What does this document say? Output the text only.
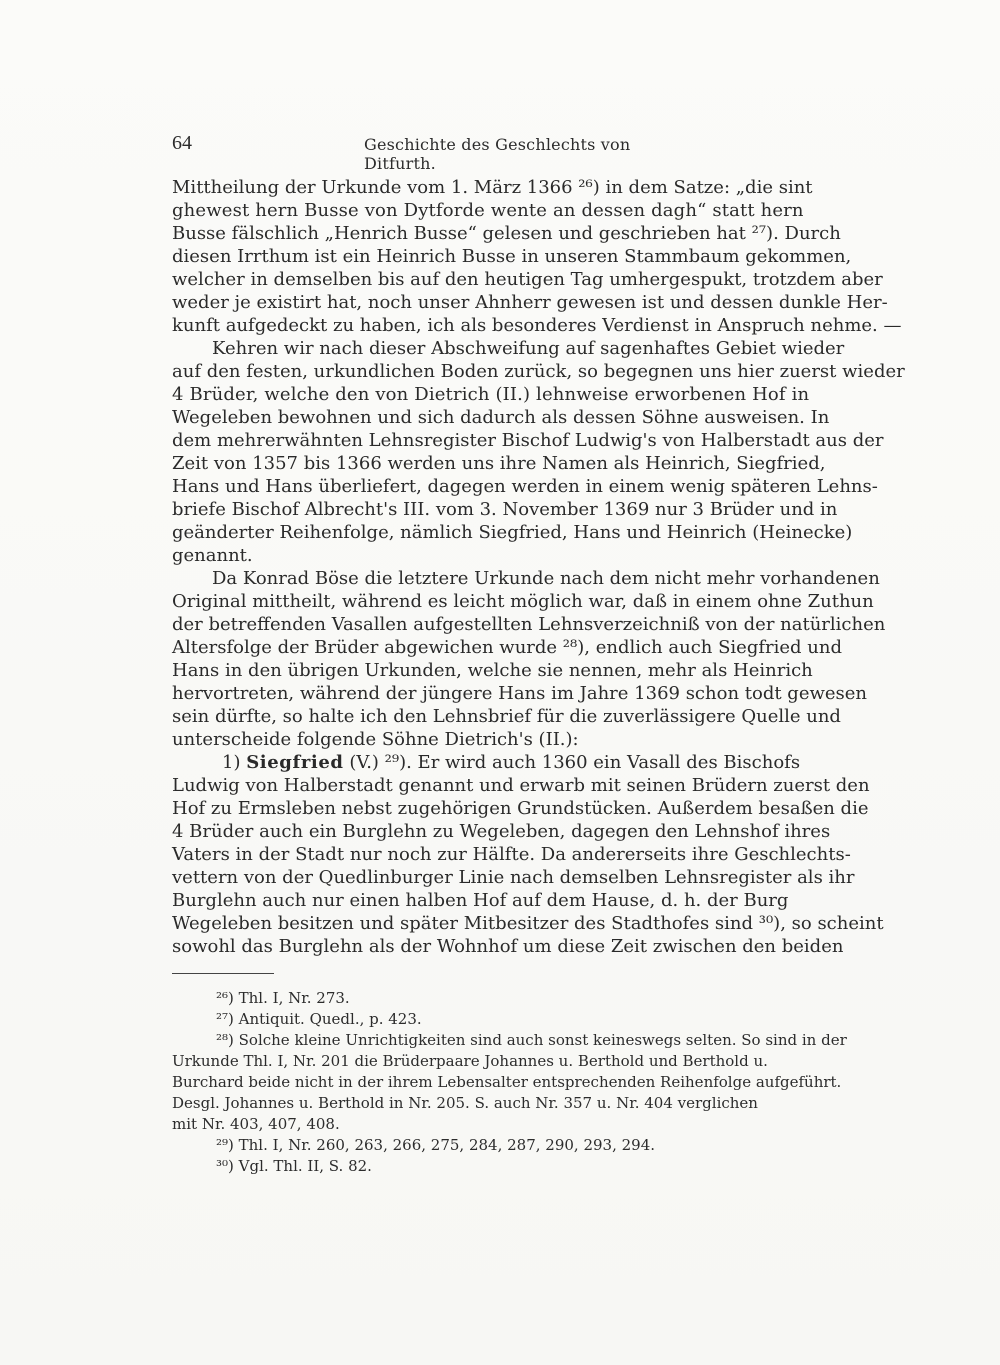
64	Geschichte des Geschlechts von Ditfurth.
Mittheilung der Urkunde vom 1. März 1366 ²⁶) in dem Satze: „die sint
ghewest hern Busse von Dytforde wente an dessen dagh“ statt hern
Busse fälschlich „Henrich Busse“ gelesen und geschrieben hat ²⁷). Durch
diesen Irrthum ist ein Heinrich Busse in unseren Stammbaum gekommen,
welcher in demselben bis auf den heutigen Tag umhergespukt, trotzdem aber
weder je existirt hat, noch unser Ahnherr gewesen ist und dessen dunkle Her-
kunft aufgedeckt zu haben, ich als besonderes Verdienst in Anspruch nehme. —
Kehren wir nach dieser Abschweifung auf sagenhaftes Gebiet wieder
auf den festen, urkundlichen Boden zurück, so begegnen uns hier zuerst wieder
4 Brüder, welche den von Dietrich (II.) lehnweise erworbenen Hof in
Wegeleben bewohnen und sich dadurch als dessen Söhne ausweisen. In
dem mehrerwähnten Lehnsregister Bischof Ludwig's von Halberstadt aus der
Zeit von 1357 bis 1366 werden uns ihre Namen als Heinrich, Siegfried,
Hans und Hans überliefert, dagegen werden in einem wenig späteren Lehns-
briefe Bischof Albrecht's III. vom 3. November 1369 nur 3 Brüder und in
geänderter Reihenfolge, nämlich Siegfried, Hans und Heinrich (Heinecke)
genannt.
Da Konrad Böse die letztere Urkunde nach dem nicht mehr vorhandenen
Original mittheilt, während es leicht möglich war, daß in einem ohne Zuthun
der betreffenden Vasallen aufgestellten Lehnsverzeichniß von der natürlichen
Altersfolge der Brüder abgewichen wurde ²⁸), endlich auch Siegfried und
Hans in den übrigen Urkunden, welche sie nennen, mehr als Heinrich
hervortreten, während der jüngere Hans im Jahre 1369 schon todt gewesen
sein dürfte, so halte ich den Lehnsbrief für die zuverlässigere Quelle und
unterscheide folgende Söhne Dietrich's (II.):
1) Siegfried (V.) ²⁹). Er wird auch 1360 ein Vasall des Bischofs
Ludwig von Halberstadt genannt und erwarb mit seinen Brüdern zuerst den
Hof zu Ermsleben nebst zugehörigen Grundstücken. Außerdem besaßen die
4 Brüder auch ein Burglehn zu Wegeleben, dagegen den Lehnshof ihres
Vaters in der Stadt nur noch zur Hälfte. Da andererseits ihre Geschlechts-
vettern von der Quedlinburger Linie nach demselben Lehnsregister als ihr
Burglehn auch nur einen halben Hof auf dem Hause, d. h. der Burg
Wegeleben besitzen und später Mitbesitzer des Stadthofes sind ³⁰), so scheint
sowohl das Burglehn als der Wohnhof um diese Zeit zwischen den beiden
²⁶) Thl. I, Nr. 273.
²⁷) Antiquit. Quedl., p. 423.
²⁸) Solche kleine Unrichtigkeiten sind auch sonst keineswegs selten. So sind in der
Urkunde Thl. I, Nr. 201 die Brüderpaare Johannes u. Berthold und Berthold u.
Burchard beide nicht in der ihrem Lebensalter entsprechenden Reihenfolge aufgeführt.
Desgl. Johannes u. Berthold in Nr. 205. S. auch Nr. 357 u. Nr. 404 verglichen
mit Nr. 403, 407, 408.
²⁹) Thl. I, Nr. 260, 263, 266, 275, 284, 287, 290, 293, 294.
³⁰) Vgl. Thl. II, S. 82.
